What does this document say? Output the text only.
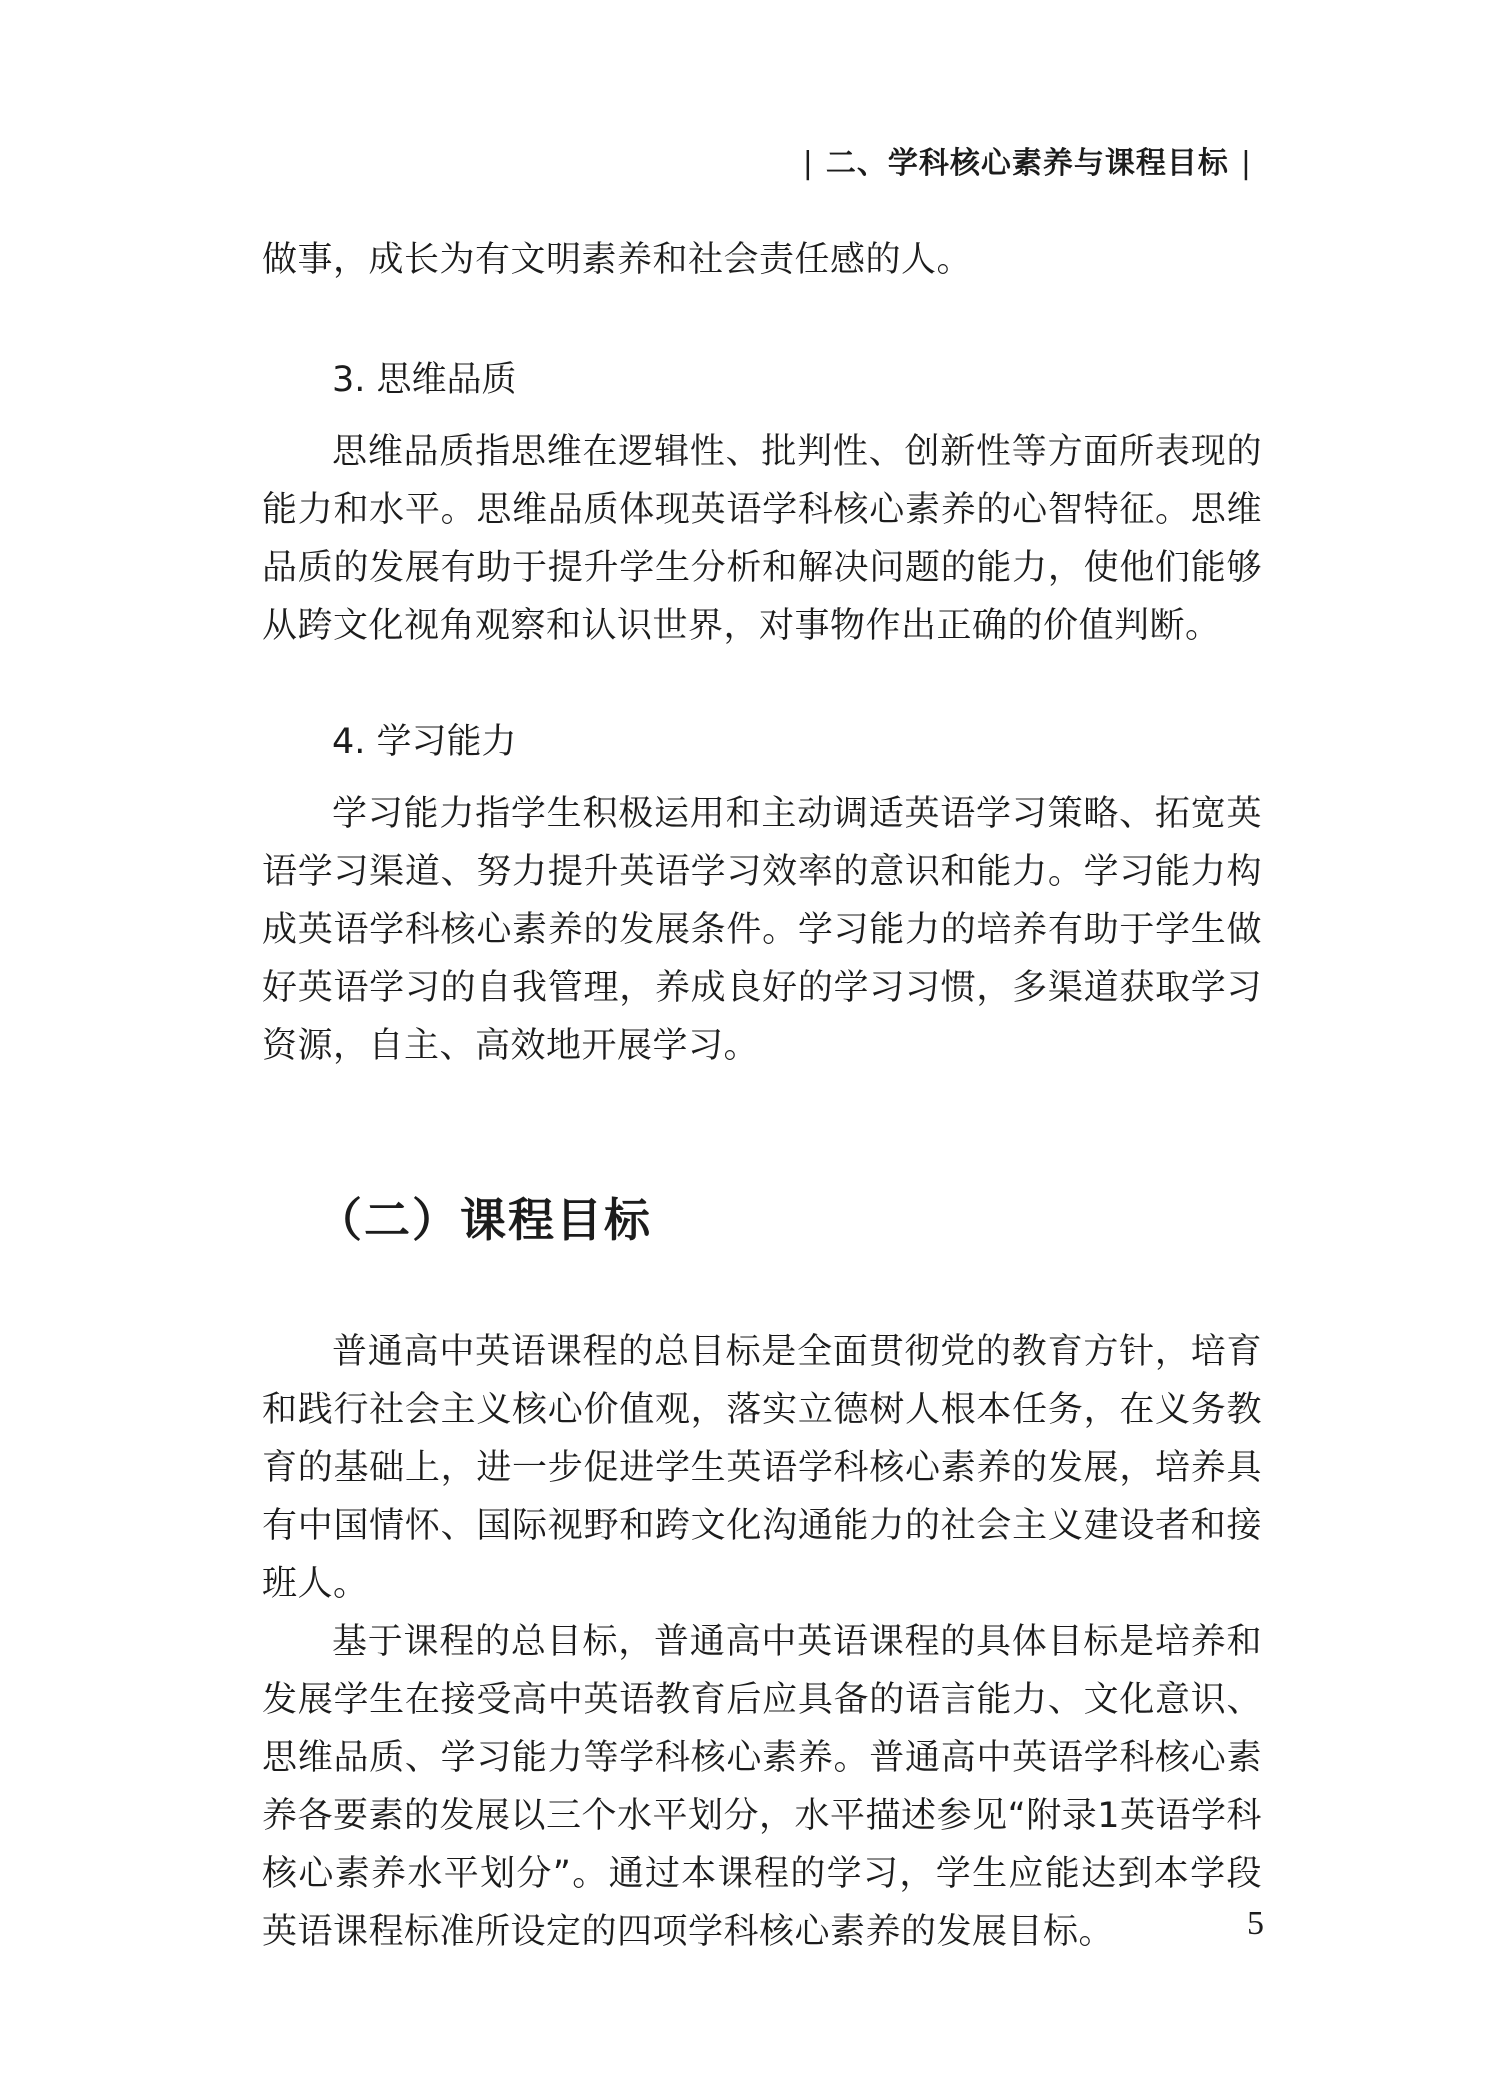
| 二、学科核心素养与课程目标 |

做事，成长为有文明素养和社会责任感的人。

3. 思维品质

思维品质指思维在逻辑性、批判性、创新性等方面所表现的能力和水平。思维品质体现英语学科核心素养的心智特征。思维品质的发展有助于提升学生分析和解决问题的能力，使他们能够从跨文化视角观察和认识世界，对事物作出正确的价值判断。

4. 学习能力

学习能力指学生积极运用和主动调适英语学习策略、拓宽英语学习渠道、努力提升英语学习效率的意识和能力。学习能力构成英语学科核心素养的发展条件。学习能力的培养有助于学生做好英语学习的自我管理，养成良好的学习习惯，多渠道获取学习资源，自主、高效地开展学习。

（二）课程目标

普通高中英语课程的总目标是全面贯彻党的教育方针，培育和践行社会主义核心价值观，落实立德树人根本任务，在义务教育的基础上，进一步促进学生英语学科核心素养的发展，培养具有中国情怀、国际视野和跨文化沟通能力的社会主义建设者和接班人。

基于课程的总目标，普通高中英语课程的具体目标是培养和发展学生在接受高中英语教育后应具备的语言能力、文化意识、思维品质、学习能力等学科核心素养。普通高中英语学科核心素养各要素的发展以三个水平划分，水平描述参见“附录1英语学科核心素养水平划分”。通过本课程的学习，学生应能达到本学段英语课程标准所设定的四项学科核心素养的发展目标。	5
